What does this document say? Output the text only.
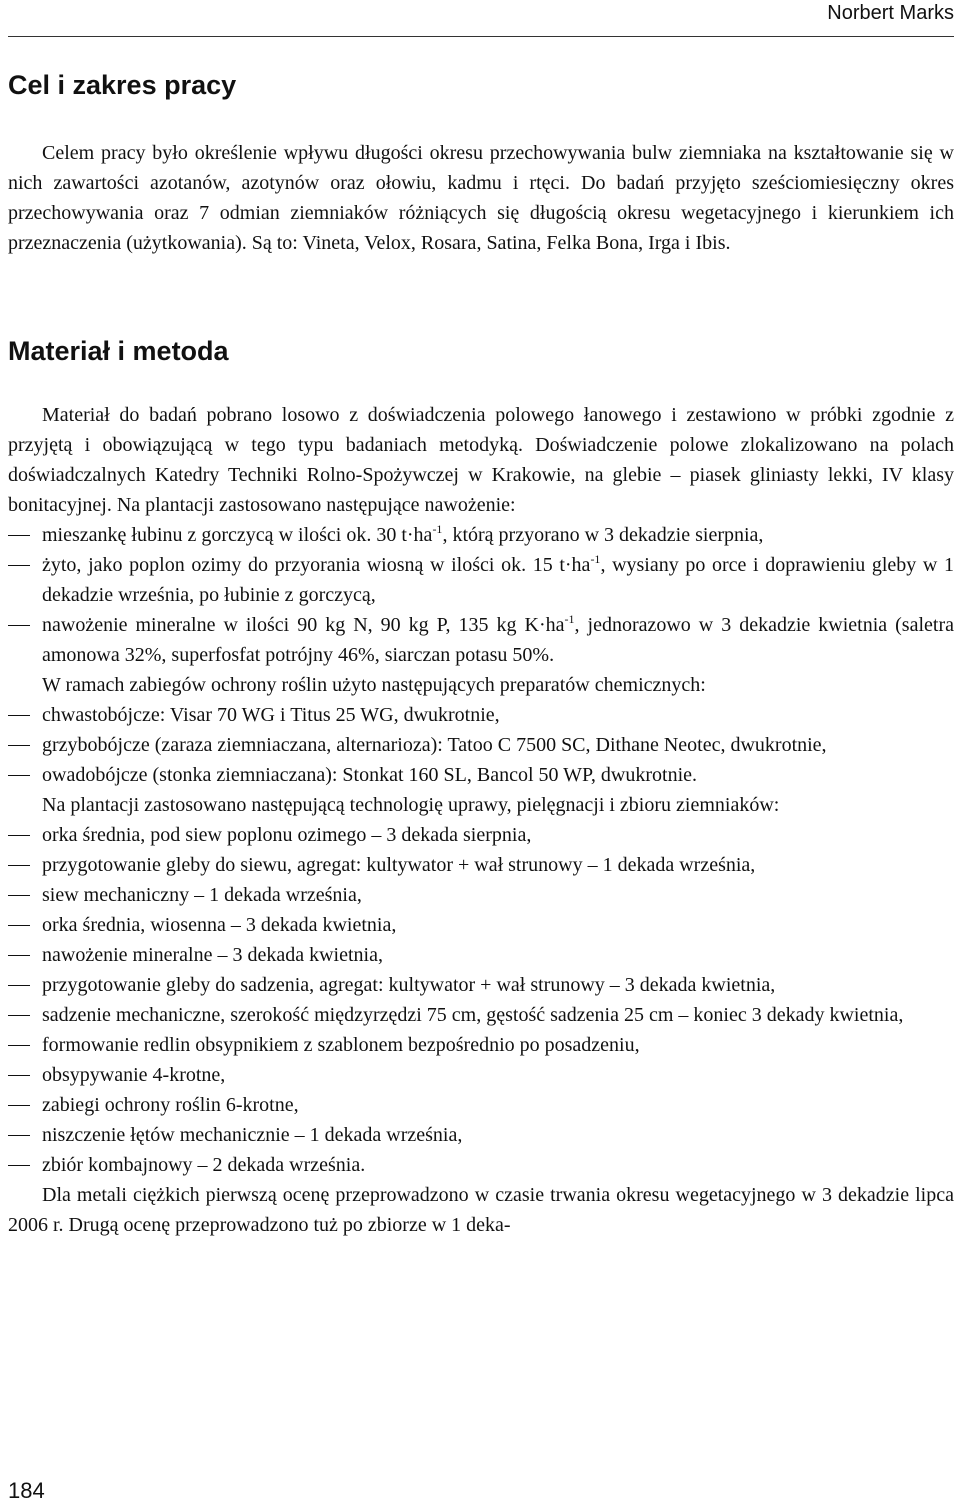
Norbert Marks
Cel i zakres pracy

Celem pracy było określenie wpływu długości okresu przechowywania bulw ziemniaka na kształtowanie się w nich zawartości azotanów, azotynów oraz ołowiu, kadmu i rtęci. Do badań przyjęto sześciomiesięczny okres przechowywania oraz 7 odmian ziemniaków różniących się długością okresu wegetacyjnego i kierunkiem ich przeznaczenia (użytkowania). Są to: Vineta, Velox, Rosara, Satina, Felka Bona, Irga i Ibis.

Materiał i metoda

Materiał do badań pobrano losowo z doświadczenia polowego łanowego i zestawiono w próbki zgodnie z przyjętą i obowiązującą w tego typu badaniach metodyką. Doświadczenie polowe zlokalizowano na polach doświadczalnych Katedry Techniki Rolno-Spożywczej w Krakowie, na glebie – piasek gliniasty lekki, IV klasy bonitacyjnej. Na plantacji zastosowano następujące nawożenie:

mieszankę łubinu z gorczycą w ilości ok. 30 $t\cdot ha^{-1}$, którą przyorano w 3 dekadzie sierpnia,
żyto, jako poplon ozimy do przyorania wiosną w ilości ok. 15 $t\cdot ha^{-1}$, wysiany po orce i doprawieniu gleby w 1 dekadzie września, po łubinie z gorczycą,
nawożenie mineralne w ilości 90 kg N, 90 kg P, 135 kg $K\cdot ha^{-1}$, jednorazowo w 3 dekadzie kwietnia (saletra amonowa 32%, superfosfat potrójny 46%, siarczan potasu 50%.

W ramach zabiegów ochrony roślin użyto następujących preparatów chemicznych:

chwastobójcze: Visar 70 WG i Titus 25 WG, dwukrotnie,
grzybobójcze (zaraza ziemniaczana, alternarioza): Tatoo C 7500 SC, Dithane Neotec, dwukrotnie,
owadobójcze (stonka ziemniaczana): Stonkat 160 SL, Bancol 50 WP, dwukrotnie.

Na plantacji zastosowano następującą technologię uprawy, pielęgnacji i zbioru ziemniaków:

orka średnia, pod siew poplonu ozimego – 3 dekada sierpnia,
przygotowanie gleby do siewu, agregat: kultywator + wał strunowy – 1 dekada września,
siew mechaniczny – 1 dekada września,
orka średnia, wiosenna – 3 dekada kwietnia,
nawożenie mineralne – 3 dekada kwietnia,
przygotowanie gleby do sadzenia, agregat: kultywator + wał strunowy – 3 dekada kwietnia,
sadzenie mechaniczne, szerokość międzyrzędzi 75 cm, gęstość sadzenia 25 cm – koniec 3 dekady kwietnia,
formowanie redlin obsypnikiem z szablonem bezpośrednio po posadzeniu,
obsypywanie 4-krotne,
zabiegi ochrony roślin 6-krotne,
niszczenie łętów mechanicznie – 1 dekada września,
zbiór kombajnowy – 2 dekada września.

Dla metali ciężkich pierwszą ocenę przeprowadzono w czasie trwania okresu wegetacyjnego w 3 dekadzie lipca 2006 r. Drugą ocenę przeprowadzono tuż po zbiorze w 1 deka-

184
